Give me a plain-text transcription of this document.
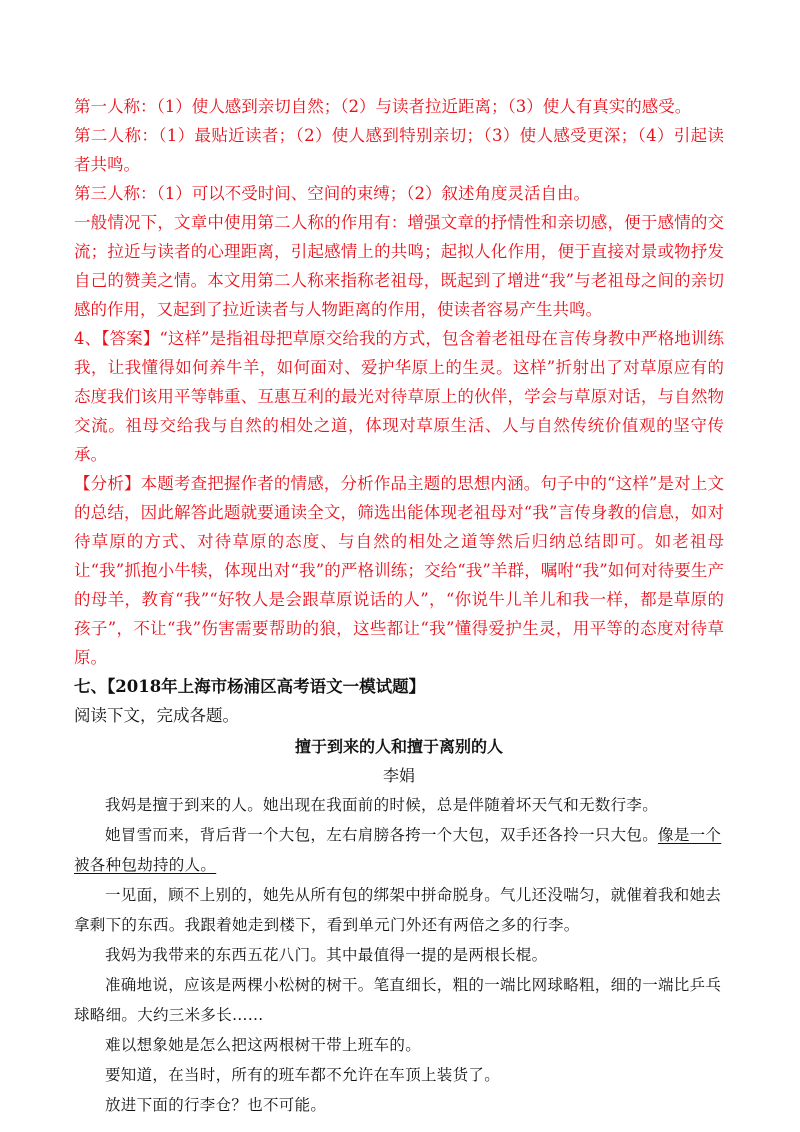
第一人称：（1）使人感到亲切自然；（2）与读者拉近距离；（3）使人有真实的感受。

第二人称：（1）最贴近读者；（2）使人感到特别亲切；（3）使人感受更深；（4）引起读者共鸣。

第三人称：（1）可以不受时间、空间的束缚；（2）叙述角度灵活自由。

一般情况下，文章中使用第二人称的作用有：增强文章的抒情性和亲切感，便于感情的交流；拉近与读者的心理距离，引起感情上的共鸣；起拟人化作用，便于直接对景或物抒发自己的赞美之情。本文用第二人称来指称老祖母，既起到了增进“我”与老祖母之间的亲切感的作用，又起到了拉近读者与人物距离的作用，使读者容易产生共鸣。

4、【答案】“这样”是指祖母把草原交给我的方式，包含着老祖母在言传身教中严格地训练我，让我懂得如何养牛羊，如何面对、爱护华原上的生灵。这样”折射出了对草原应有的态度我们该用平等韩重、互惠互利的最光对待草原上的伙伴，学会与草原对话，与自然物交流。祖母交给我与自然的相处之道，体现对草原生活、人与自然传统价值观的坚守传承。

【分析】本题考查把握作者的情感，分析作品主题的思想内涵。句子中的“这样”是对上文的总结，因此解答此题就要通读全文，筛选出能体现老祖母对“我”言传身教的信息，如对待草原的方式、对待草原的态度、与自然的相处之道等然后归纳总结即可。如老祖母让“我”抓抱小牛犊，体现出对“我”的严格训练；交给“我”羊群，嘱咐“我”如何对待要生产的母羊，教育“我”“好牧人是会跟草原说话的人”，“你说牛儿羊儿和我一样，都是草原的孩子”，不让“我”伤害需要帮助的狼，这些都让“我”懂得爱护生灵，用平等的态度对待草原。

七、【2018年上海市杨浦区高考语文一模试题】

阅读下文，完成各题。

擅于到来的人和擅于离别的人

李娟

我妈是擅于到来的人。她出现在我面前的时候，总是伴随着坏天气和无数行李。

她冒雪而来，背后背一个大包，左右肩膀各挎一个大包，双手还各拎一只大包。像是一个被各种包劫持的人。

一见面，顾不上别的，她先从所有包的绑架中拼命脱身。气儿还没喘匀，就催着我和她去拿剩下的东西。我跟着她走到楼下，看到单元门外还有两倍之多的行李。

我妈为我带来的东西五花八门。其中最值得一提的是两根长棍。

准确地说，应该是两棵小松树的树干。笔直细长，粗的一端比网球略粗，细的一端比乒乓球略细。大约三米多长……

难以想象她是怎么把这两根树干带上班车的。

要知道，在当时，所有的班车都不允许在车顶上装货了。

放进下面的行李仓？也不可能。
